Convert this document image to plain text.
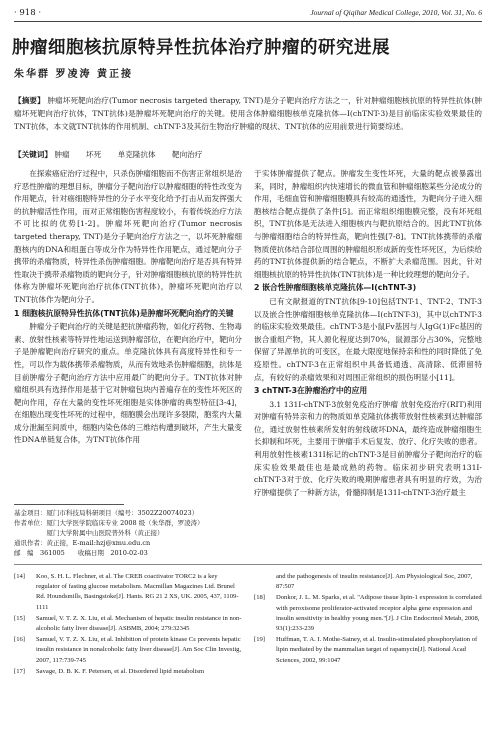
· 918 ·	Journal of Qiqihar Medical College, 2010, Vol. 31, No. 6
肿瘤细胞核抗原特异性抗体治疗肿瘤的研究进展
朱华群 罗凌涛 黄正接
【摘要】 肿瘤坏死靶向治疗(Tumor necrosis targeted therapy, TNT)是分子靶向治疗方法之一，针对肿瘤细胞核抗原的特异性抗体(肿瘤坏死靶向治疗抗体，TNT抗体)是肿瘤坏死靶向治疗的关键。使用含体肿瘤细胞核单克隆抗体—I(chTNT-3)是目前临床实验效果最佳的TNT抗体，本文就TNT抗体的作用机制、chTNT-3及其衍生物治疗肿瘤的现状、TNT抗体的应用前景进行简要综述。
【关键词】 肿瘤 坏死 单克隆抗体 靶向治疗

在探索癌症治疗过程中，只杀伤肿瘤细胞而不伤害正常组织是治疗恶性肿瘤的理想目标，肿瘤分子靶向治疗以肿瘤细胞的特性改变为作用靶点，针对癌细胞特异性的分子水平变化给予打击从而发挥强大的抗肿瘤活性作用，而对正常细胞伤害程度较小，有着传统治疗方法不可比拟的优势[1-2]。肿瘤坏死靶向治疗(Tumor necrosis targeted therapy, TNT)是分子靶向治疗方法之一，以坏死肿瘤细胞核内的DNA和组蛋白等成分作为特异性作用靶点，通过靶向分子携带的杀瘤物质，特异性杀伤肿瘤细胞。肿瘤靶向治疗是否具有特异性取决于携带杀瘤物质的靶向分子，针对肿瘤细胞核抗原的特异性抗体称为肿瘤坏死靶向治疗抗体(TNT抗体)，肿瘤坏死靶向治疗以TNT抗体作为靶向分子。

1 细胞核抗原特异性抗体(TNT抗体)是肿瘤坏死靶向治疗的关键

肿瘤分子靶向治疗的关键是把抗肿瘤药物，如化疗药物、生物毒素、放射性核素等特异性地运送到肿瘤部位，在靶向治疗中，靶向分子是肿瘤靶向治疗研究的重点。单克隆抗体具有高度特异性和专一性，可以作为载体携带杀瘤物质，从而有效地杀伤肿瘤细胞，抗体是目前肿瘤分子靶向治疗方法中应用最广的靶向分子。TNT抗体对肿瘤组织具有选择作用是基于它对肿瘤包块内普遍存在的变性坏死区的靶向作用，存在大量的变性坏死细胞是实体肿瘤的典型特征[3-4]，在细胞出现变性坏死的过程中，细胞膜会出现许多裂隙，胞浆内大量成分泄漏至间质中，细胞内染色体的三维结构遭到破坏，产生大量变性DNA单链复合体，为TNT抗体作用

于实体肿瘤提供了靶点。肿瘤发生变性坏死，大量的靶点被暴露出来，同时，肿瘤组织内快速增长的微血管和肿瘤细胞某些分泌成分的作用，毛细血管和肿瘤细胞膜具有较高的通透性，为靶向分子进入细胞核结合靶点提供了条件[5]。而正常组织细胞膜完整，没有坏死组织，TNT抗体是无法进入细胞核内与靶抗原结合的。因此TNT抗体与肿瘤细胞结合的特异性高，靶向性强[7-8]。TNT抗体携带的杀瘤物质使抗体结合部位周围的肿瘤组织形成新的变性坏死区，为后续给药的TNT抗体提供新的结合靶点，不断扩大杀瘤范围。因此，针对细胞核抗原的特异性抗体(TNT抗体)是一种比较理想的靶向分子。

2 嵌合性肿瘤细胞核单克隆抗体—I(chTNT-3)

已有文献报道的TNT抗体[9-10]包括TNT-1、TNT-2、TNT-3以及嵌合性肿瘤细胞核单克隆抗体—I(chTNT-3)，其中以chTNT-3的临床实验效果最佳。chTNT-3是小鼠Fv基因与人IgG(1)Fc基因的嵌合重组产物，其人源化程度达到70%，鼠源部分占30%，完整地保留了异源单抗的可变区，在最大限度地保持亲和性的同时降低了免疫原性。chTNT-3在正常组织中具备低通透、高清除、低滞留特点，有较好的杀瘤效果和对周围正常组织的损伤明显小[11]。

3 chTNT-3在肿瘤治疗中的应用

3.1 131I-chTNT-3放射免疫治疗肿瘤 放射免疫治疗(RIT)利用对肿瘤有特异亲和力的物质如单克隆抗体携带放射性核素到达肿瘤部位，通过放射性核素所发射的射线破坏DNA，最终造成肿瘤细胞生长抑制和坏死，主要用于肿瘤手术后复发、放疗、化疗失败的患者。利用放射性核素131I标记的chTNT-3是目前肿瘤分子靶向治疗的临床实验效果最佳也是最成熟的药物。临床初步研究表明131I-chTNT-3对于放、化疗失败的晚期肿瘤患者具有明显的疗效，为治疗肿瘤提供了一种新方法，骨髓抑制是131I-chTNT-3治疗最主

基金项目：厦门市科技局科研项目（编号：3502Z20074023）
作者单位：厦门大学医学院临床专业 2008 级（朱华群，罗凌涛）
　　　　　厦门大学附属中山医院普外科（黄正接）
通讯作者：黄正接，E-mail:hzj@xmu.edu.cn
邮　编　361005　　收稿日期　2010-02-03
[14]	Koo, S. H. L. Flechner, et al. The CREB coactivator TORC2 is a key regulator of fasting glucose metabolism. Macmillan Magazines Ltd. Brunel Rd. Houndsmills, Basingstoke[J]. Hants. RG 21 2 XS, UK. 2005, 437, 1109-1111
[15]	Samuel, V. T. Z. X. Liu, et al. Mechanism of hepatic insulin resistance in non-alcoholic fatty liver disease[J]. ASBMB, 2004; 279:32345
[16]	Samuel, V. T. Z. X. Liu, et al. Inhibition of protein kinase Cε prevents hepatic insulin resistance in nonalcoholic fatty liver disease[J]. Am Soc Clin Investig, 2007, 117:739-745
[17]	Savage, D. B. K. F. Petersen, et al. Disordered lipid metabolism
and the pathogenesis of insulin resistance[J]. Am Physiological Soc, 2007, 87:507
[18]	Donkor, J. L. M. Sparks, et al. "Adipose tissue lipin-1 expression is correlated with peroxisome proliferator-activated receptor alpha gene expression and insulin sensitivity in healthy young men."[J]. J Clin Endocrinol Metab, 2008, 93(1):233-239
[19]	Huffman, T. A. I. Mothe-Satney, et al. Insulin-stimulated phosphorylation of lipin mediated by the mammalian target of rapamycin[J]. National Acad Sciences, 2002, 99:1047
